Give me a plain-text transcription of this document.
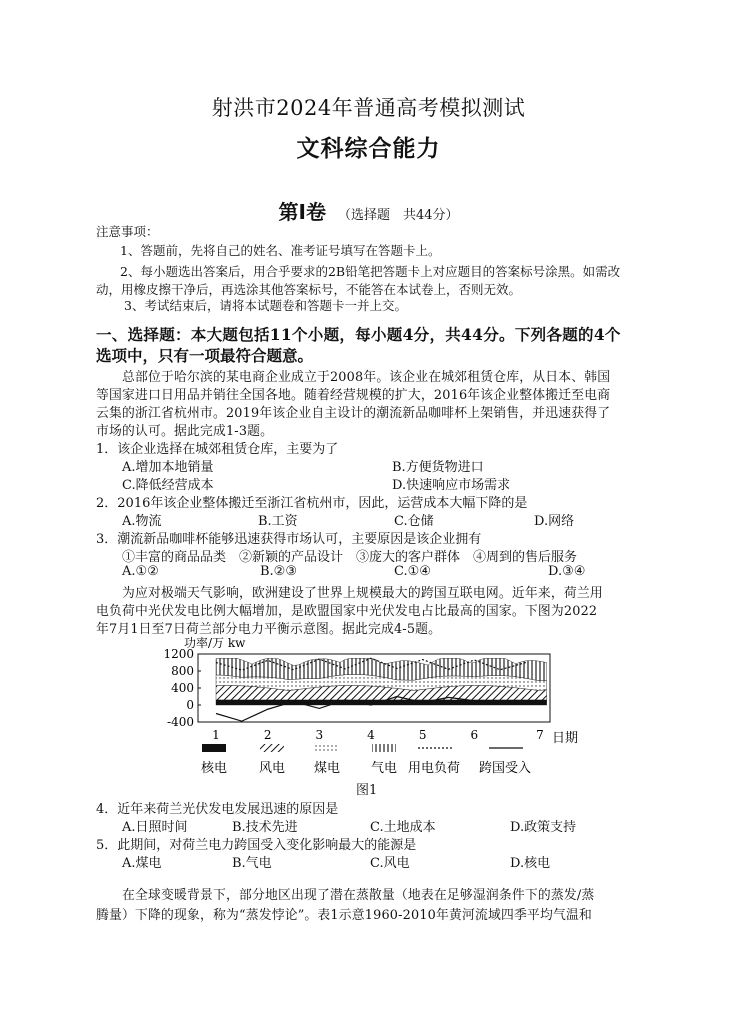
射洪市2024年普通高考模拟测试
文科综合能力
第Ⅰ卷 （选择题　共44分）
注意事项：
1、答题前，先将自己的姓名、准考证号填写在答题卡上。
2、每小题选出答案后，用合乎要求的2B铅笔把答题卡上对应题目的答案标号涂黑。如需改
动，用橡皮擦干净后，再选涂其他答案标号，不能答在本试卷上，否则无效。
3、考试结束后，请将本试题卷和答题卡一并上交。
一、选择题：本大题包括11个小题，每小题4分，共44分。下列各题的4个
选项中，只有一项最符合题意。
总部位于哈尔滨的某电商企业成立于2008年。该企业在城郊租赁仓库，从日本、韩国
等国家进口日用品并销往全国各地。随着经营规模的扩大，2016年该企业整体搬迁至电商
云集的浙江省杭州市。2019年该企业自主设计的潮流新品咖啡杯上架销售，并迅速获得了
市场的认可。据此完成1-3题。
1．该企业选择在城郊租赁仓库，主要为了
A.增加本地销量	B.方便货物进口
C.降低经营成本	D.快速响应市场需求
2．2016年该企业整体搬迁至浙江省杭州市，因此，运营成本大幅下降的是
A.物流	B.工资	C.仓储	D.网络
3．潮流新品咖啡杯能够迅速获得市场认可，主要原因是该企业拥有
①丰富的商品品类　②新颖的产品设计　③庞大的客户群体　④周到的售后服务
A.①②	B.②③	C.①④	D.③④
为应对极端天气影响，欧洲建设了世界上规模最大的跨国互联电网。近年来，荷兰用
电负荷中光伏发电比例大幅增加，是欧盟国家中光伏发电占比最高的国家。下图为2022
年7月1日至7日荷兰部分电力平衡示意图。据此完成4-5题。
功率/万 kw
日期
1200
800
400
0
-400
1	2	3	4	5	6	7
核电 风电 煤电 气电 用电负荷 跨国受入
图1
4．近年来荷兰光伏发电发展迅速的原因是
A.日照时间	B.技术先进	C.土地成本	D.政策支持
5．此期间，对荷兰电力跨国受入变化影响最大的能源是
A.煤电	B.气电	C.风电	D.核电
在全球变暖背景下，部分地区出现了潜在蒸散量（地表在足够湿润条件下的蒸发/蒸
腾量）下降的现象，称为“蒸发悖论”。表1示意1960-2010年黄河流域四季平均气温和
